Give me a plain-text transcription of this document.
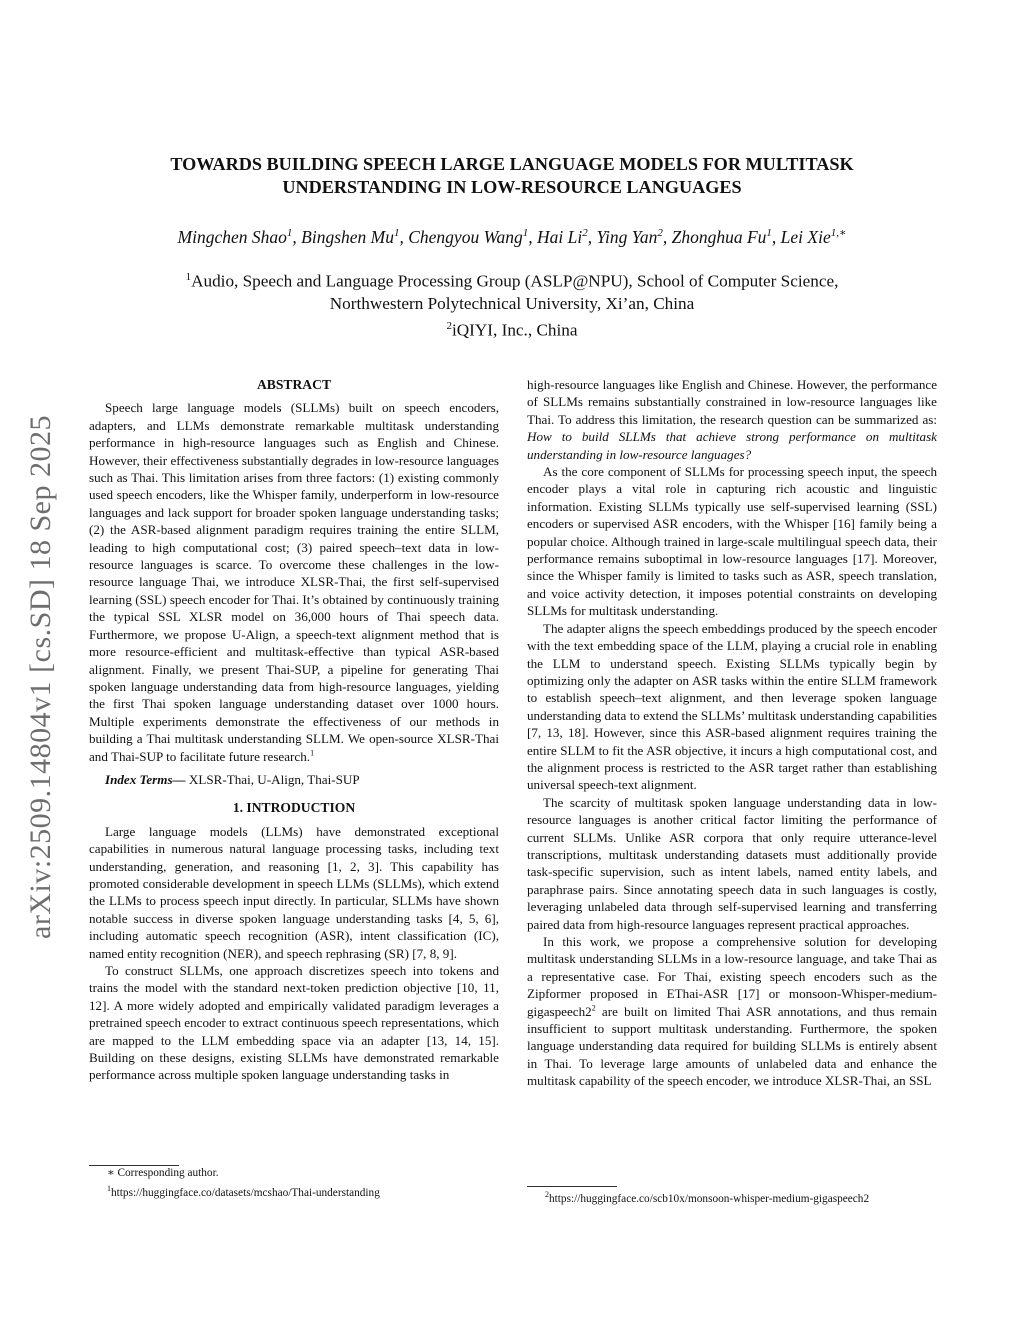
arXiv:2509.14804v1 [cs.SD] 18 Sep 2025
TOWARDS BUILDING SPEECH LARGE LANGUAGE MODELS FOR MULTITASK
UNDERSTANDING IN LOW-RESOURCE LANGUAGES
Mingchen Shao$^1$, Bingshen Mu$^1$, Chengyou Wang$^1$, Hai Li$^2$, Ying Yan$^2$, Zhonghua Fu$^1$, Lei Xie$^{1,∗}$
$^1$Audio, Speech and Language Processing Group (ASLP@NPU), School of Computer Science,
Northwestern Polytechnical University, Xi’an, China
$^2$iQIYI, Inc., China
ABSTRACT

Speech large language models (SLLMs) built on speech encoders, adapters, and LLMs demonstrate remarkable multitask understanding performance in high-resource languages such as English and Chinese. However, their effectiveness substantially degrades in low-resource languages such as Thai. This limitation arises from three factors: (1) existing commonly used speech encoders, like the Whisper family, underperform in low-resource languages and lack support for broader spoken language understanding tasks; (2) the ASR-based alignment paradigm requires training the entire SLLM, leading to high computational cost; (3) paired speech–text data in low-resource languages is scarce. To overcome these challenges in the low-resource language Thai, we introduce XLSR-Thai, the first self-supervised learning (SSL) speech encoder for Thai. It’s obtained by continuously training the typical SSL XLSR model on 36,000 hours of Thai speech data. Furthermore, we propose U-Align, a speech-text alignment method that is more resource-efficient and multitask-effective than typical ASR-based alignment. Finally, we present Thai-SUP, a pipeline for generating Thai spoken language understanding data from high-resource languages, yielding the first Thai spoken language understanding dataset over 1000 hours. Multiple experiments demonstrate the effectiveness of our methods in building a Thai multitask understanding SLLM. We open-source XLSR-Thai and Thai-SUP to facilitate future research.$^1$

Index Terms— XLSR-Thai, U-Align, Thai-SUP

1. INTRODUCTION

Large language models (LLMs) have demonstrated exceptional capabilities in numerous natural language processing tasks, including text understanding, generation, and reasoning [1, 2, 3]. This capability has promoted considerable development in speech LLMs (SLLMs), which extend the LLMs to process speech input directly. In particular, SLLMs have shown notable success in diverse spoken language understanding tasks [4, 5, 6], including automatic speech recognition (ASR), intent classification (IC), named entity recognition (NER), and speech rephrasing (SR) [7, 8, 9].

To construct SLLMs, one approach discretizes speech into tokens and trains the model with the standard next-token prediction objective [10, 11, 12]. A more widely adopted and empirically validated paradigm leverages a pretrained speech encoder to extract continuous speech representations, which are mapped to the LLM embedding space via an adapter [13, 14, 15]. Building on these designs, existing SLLMs have demonstrated remarkable performance across multiple spoken language understanding tasks in

high-resource languages like English and Chinese. However, the performance of SLLMs remains substantially constrained in low-resource languages like Thai. To address this limitation, the research question can be summarized as: How to build SLLMs that achieve strong performance on multitask understanding in low-resource languages?

As the core component of SLLMs for processing speech input, the speech encoder plays a vital role in capturing rich acoustic and linguistic information. Existing SLLMs typically use self-supervised learning (SSL) encoders or supervised ASR encoders, with the Whisper [16] family being a popular choice. Although trained in large-scale multilingual speech data, their performance remains suboptimal in low-resource languages [17]. Moreover, since the Whisper family is limited to tasks such as ASR, speech translation, and voice activity detection, it imposes potential constraints on developing SLLMs for multitask understanding.

The adapter aligns the speech embeddings produced by the speech encoder with the text embedding space of the LLM, playing a crucial role in enabling the LLM to understand speech. Existing SLLMs typically begin by optimizing only the adapter on ASR tasks within the entire SLLM framework to establish speech–text alignment, and then leverage spoken language understanding data to extend the SLLMs’ multitask understanding capabilities [7, 13, 18]. However, since this ASR-based alignment requires training the entire SLLM to fit the ASR objective, it incurs a high computational cost, and the alignment process is restricted to the ASR target rather than establishing universal speech-text alignment.

The scarcity of multitask spoken language understanding data in low-resource languages is another critical factor limiting the performance of current SLLMs. Unlike ASR corpora that only require utterance-level transcriptions, multitask understanding datasets must additionally provide task-specific supervision, such as intent labels, named entity labels, and paraphrase pairs. Since annotating speech data in such languages is costly, leveraging unlabeled data through self-supervised learning and transferring paired data from high-resource languages represent practical approaches.

In this work, we propose a comprehensive solution for developing multitask understanding SLLMs in a low-resource language, and take Thai as a representative case. For Thai, existing speech encoders such as the Zipformer proposed in EThai-ASR [17] or monsoon-$Whisper-medium-gigaspeech2^2$ are built on limited Thai ASR annotations, and thus remain insufficient to support multitask understanding. Furthermore, the spoken language understanding data required for building SLLMs is entirely absent in Thai. To leverage large amounts of unlabeled data and enhance the multitask capability of the speech encoder, we introduce XLSR-Thai, an SSL

∗ Corresponding author.
$^1$https://huggingface.co/datasets/mcshao/Thai-understanding	$^2$https://huggingface.co/scb10x/monsoon-whisper-medium-gigaspeech2
